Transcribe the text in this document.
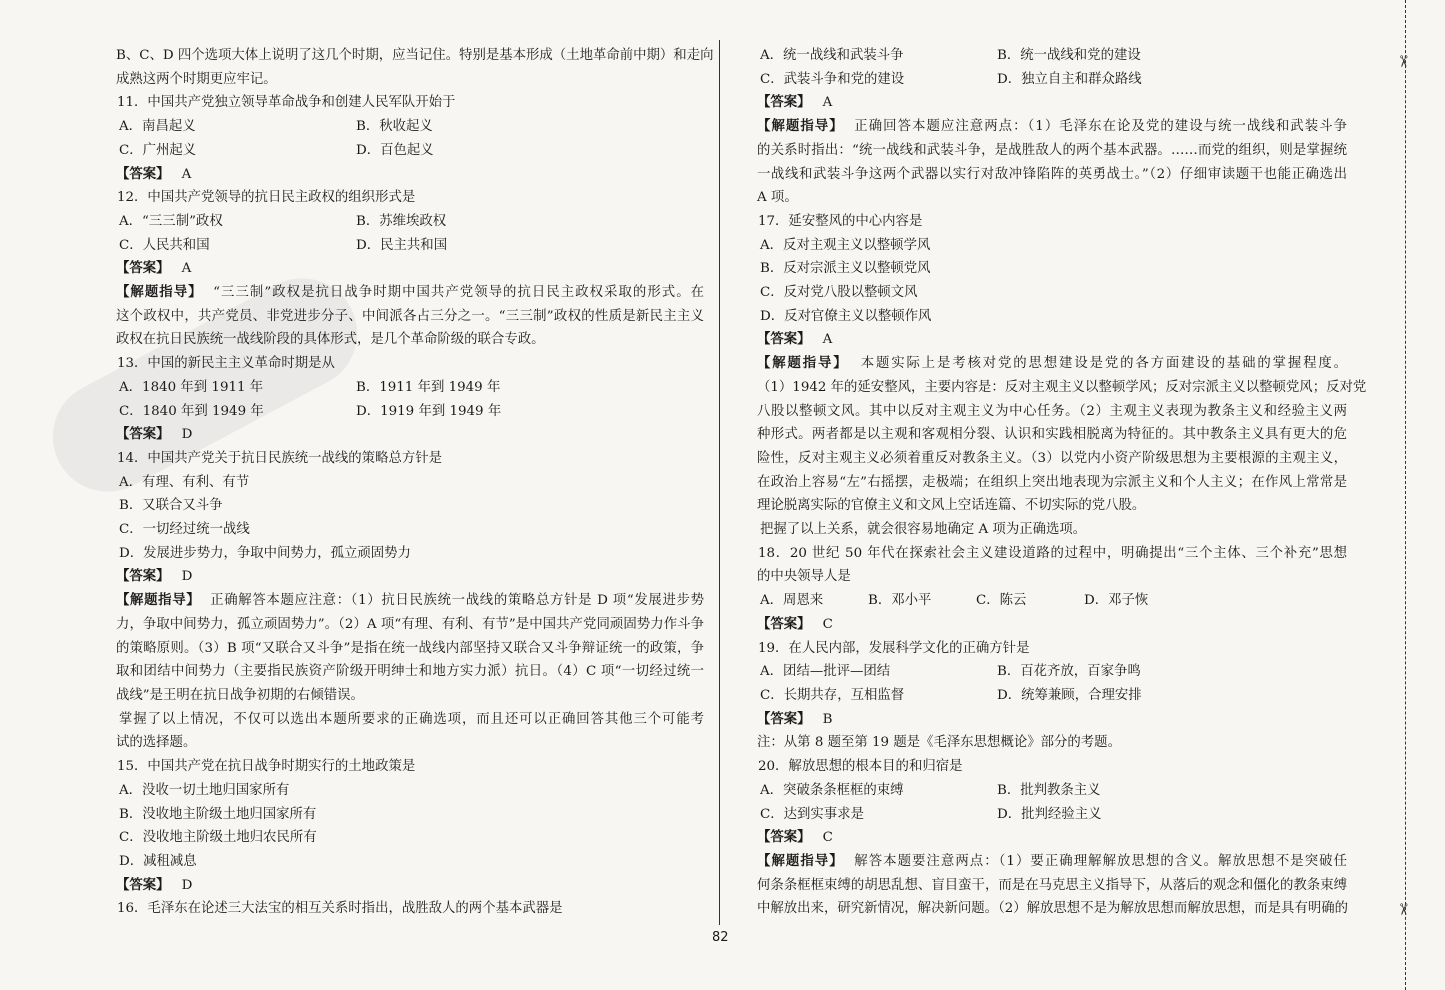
B、C、D 四个选项大体上说明了这几个时期，应当记住。特别是基本形成（土地革命前中期）和走向

成熟这两个时期更应牢记。

11．中国共产党独立领导革命战争和创建人民军队开始于

A．南昌起义	B．秋收起义

C．广州起义	D．百色起义

【答案】 A

12．中国共产党领导的抗日民主政权的组织形式是

A．“三三制”政权	B．苏维埃政权

C．人民共和国	D．民主共和国

【答案】 A

【解题指导】  “三三制”政权是抗日战争时期中国共产党领导的抗日民主政权采取的形式。在

这个政权中，共产党员、非党进步分子、中间派各占三分之一。“三三制”政权的性质是新民主主义

政权在抗日民族统一战线阶段的具体形式，是几个革命阶级的联合专政。

13．中国的新民主主义革命时期是从

A．1840 年到 1911 年	B．1911 年到 1949 年

C．1840 年到 1949 年	D．1919 年到 1949 年

【答案】 D

14．中国共产党关于抗日民族统一战线的策略总方针是

A．有理、有利、有节

B．又联合又斗争

C．一切经过统一战线

D．发展进步势力，争取中间势力，孤立顽固势力

【答案】 D

【解题指导】  正确解答本题应注意：（1）抗日民族统一战线的策略总方针是 D 项“发展进步势

力，争取中间势力，孤立顽固势力”。（2）A 项“有理、有利、有节”是中国共产党同顽固势力作斗争

的策略原则。（3）B 项“又联合又斗争”是指在统一战线内部坚持又联合又斗争辩证统一的政策，争

取和团结中间势力（主要指民族资产阶级开明绅士和地方实力派）抗日。（4）C 项“一切经过统一

战线”是王明在抗日战争初期的右倾错误。

掌握了以上情况，不仅可以选出本题所要求的正确选项，而且还可以正确回答其他三个可能考

试的选择题。

15．中国共产党在抗日战争时期实行的土地政策是

A．没收一切土地归国家所有

B．没收地主阶级土地归国家所有

C．没收地主阶级土地归农民所有

D．减租减息

【答案】 D

16．毛泽东在论述三大法宝的相互关系时指出，战胜敌人的两个基本武器是

A．统一战线和武装斗争	B．统一战线和党的建设

C．武装斗争和党的建设	D．独立自主和群众路线

【答案】 A

【解题指导】  正确回答本题应注意两点：（1）毛泽东在论及党的建设与统一战线和武装斗争

的关系时指出：“统一战线和武装斗争，是战胜敌人的两个基本武器。……而党的组织，则是掌握统

一战线和武装斗争这两个武器以实行对敌冲锋陷阵的英勇战士。”（2）仔细审读题干也能正确选出

A 项。

17．延安整风的中心内容是

A．反对主观主义以整顿学风

B．反对宗派主义以整顿党风

C．反对党八股以整顿文风

D．反对官僚主义以整顿作风

【答案】 A

【解题指导】  本题实际上是考核对党的思想建设是党的各方面建设的基础的掌握程度。

（1）1942 年的延安整风，主要内容是：反对主观主义以整顿学风；反对宗派主义以整顿党风；反对党

八股以整顿文风。其中以反对主观主义为中心任务。（2）主观主义表现为教条主义和经验主义两

种形式。两者都是以主观和客观相分裂、认识和实践相脱离为特征的。其中教条主义具有更大的危

险性，反对主观主义必须着重反对教条主义。（3）以党内小资产阶级思想为主要根源的主观主义，

在政治上容易“左”右摇摆，走极端；在组织上突出地表现为宗派主义和个人主义；在作风上常常是

理论脱离实际的官僚主义和文风上空话连篇、不切实际的党八股。

把握了以上关系，就会很容易地确定 A 项为正确选项。

18．20 世纪 50 年代在探索社会主义建设道路的过程中，明确提出“三个主体、三个补充”思想

的中央领导人是

A．周恩来	B．邓小平	C．陈云	D．邓子恢

【答案】 C

19．在人民内部，发展科学文化的正确方针是

A．团结—批评—团结	B．百花齐放，百家争鸣

C．长期共存，互相监督	D．统筹兼顾，合理安排

【答案】 B

注：从第 8 题至第 19 题是《毛泽东思想概论》部分的考题。

20．解放思想的根本目的和归宿是

A．突破条条框框的束缚	B．批判教条主义

C．达到实事求是	D．批判经验主义

【答案】 C

【解题指导】  解答本题要注意两点：（1）要正确理解解放思想的含义。解放思想不是突破任

何条条框框束缚的胡思乱想、盲目蛮干，而是在马克思主义指导下，从落后的观念和僵化的教条束缚

中解放出来，研究新情况，解决新问题。（2）解放思想不是为解放思想而解放思想，而是具有明确的

82
✂
✂
